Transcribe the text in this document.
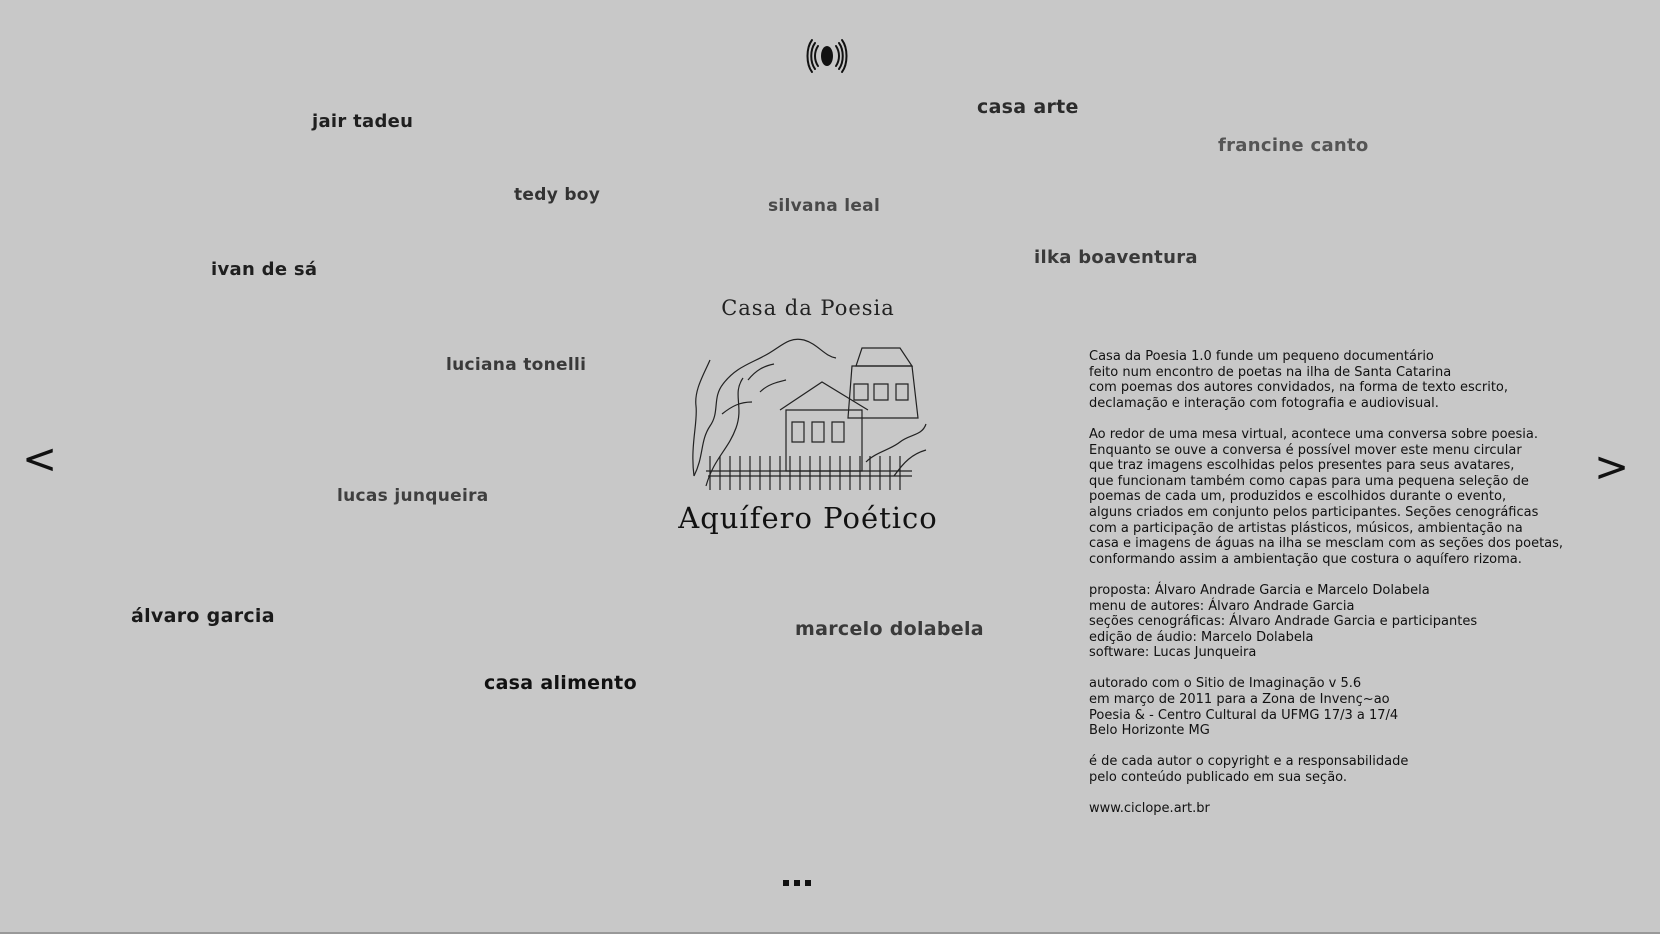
jair tadeu
casa arte
francine canto
tedy boy
silvana leal
ivan de sá
ilka boaventura
luciana tonelli
lucas junqueira
álvaro garcia
marcelo dolabela
casa alimento
<	>
Casa da Poesia
Aquífero Poético

Casa da Poesia 1.0 funde um pequeno documentário
feito num encontro de poetas na ilha de Santa Catarina
com poemas dos autores convidados, na forma de texto escrito,
declamação e interação com fotografia e audiovisual.

Ao redor de uma mesa virtual, acontece uma conversa sobre poesia.
Enquanto se ouve a conversa é possível mover este menu circular
que traz imagens escolhidas pelos presentes para seus avatares,
que funcionam também como capas para uma pequena seleção de
poemas de cada um, produzidos e escolhidos durante o evento,
alguns criados em conjunto pelos participantes. Seções cenográficas
com a participação de artistas plásticos, músicos, ambientação na
casa e imagens de águas na ilha se mesclam com as seções dos poetas,
conformando assim a ambientação que costura o aquífero rizoma.

proposta: Álvaro Andrade Garcia e Marcelo Dolabela
menu de autores: Álvaro Andrade Garcia
seções cenográficas: Álvaro Andrade Garcia e participantes
edição de áudio: Marcelo Dolabela
software: Lucas Junqueira

autorado com o Sitio de Imaginação v 5.6
em março de 2011 para a Zona de Invenç~ao
Poesia & - Centro Cultural da UFMG 17/3 a 17/4
Belo Horizonte MG

é de cada autor o copyright e a responsabilidade
pelo conteúdo publicado em sua seção.

www.ciclope.art.br
